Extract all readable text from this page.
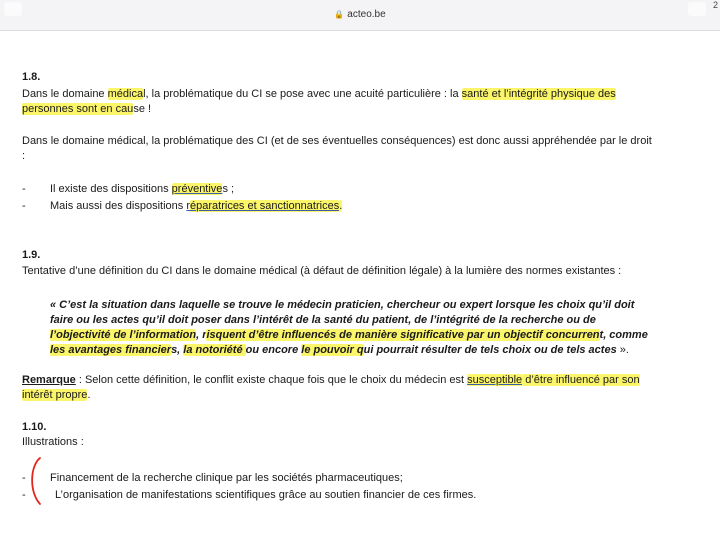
🔒 acteo.be
2
1.8.
Dans le domaine médical, la problématique du CI se pose avec une acuité particulière : la santé et l’intégrité physique des
personnes sont en cause !
Dans le domaine médical, la problématique des CI (et de ses éventuelles conséquences) est donc aussi appréhendée par le droit
:
- Il existe des dispositions préventives ;
- Mais aussi des dispositions réparatrices et sanctionnatrices.
1.9.
Tentative d’une définition du CI dans le domaine médical (à défaut de définition légale) à la lumière des normes existantes :
« C’est la situation dans laquelle se trouve le médecin praticien, chercheur ou expert lorsque les choix qu’il doit
faire ou les actes qu’il doit poser dans l’intérêt de la santé du patient, de l’intégrité de la recherche ou de
l’objectivité de l’information, risquent d’être influencés de manière significative par un objectif concurrent, comme
les avantages financiers, la notoriété ou encore le pouvoir qui pourrait résulter de tels choix ou de tels actes ».
Remarque : Selon cette définition, le conflit existe chaque fois que le choix du médecin est susceptible d’être influencé par son
intérêt propre.
1.10.
Illustrations :
- Financement de la recherche clinique par les sociétés pharmaceutiques;
-	L’organisation de manifestations scientifiques grâce au soutien financier de ces firmes.
